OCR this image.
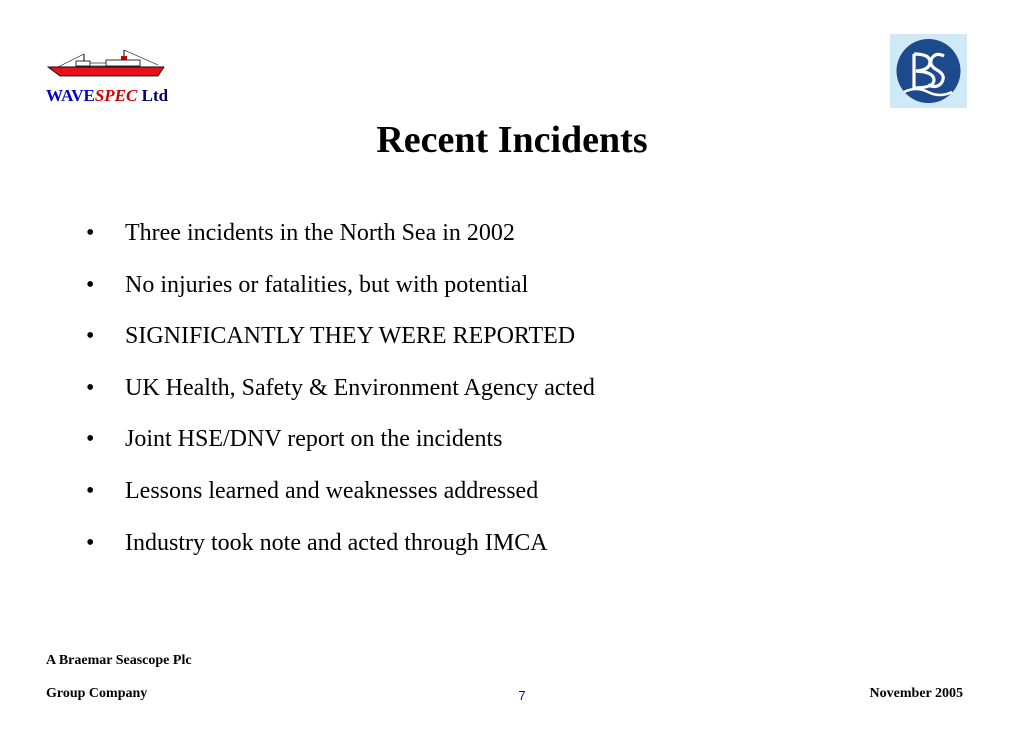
WAVESPEC Ltd
Recent Incidents
•	Three incidents in the North Sea in 2002
•	No injuries or fatalities, but with potential
•	SIGNIFICANTLY THEY WERE REPORTED
•	UK Health, Safety & Environment Agency acted
•	Joint HSE/DNV report on the incidents
•	Lessons learned and weaknesses addressed
•	Industry took note and acted through IMCA
A Braemar Seascope Plc
Group Company	7	November 2005
